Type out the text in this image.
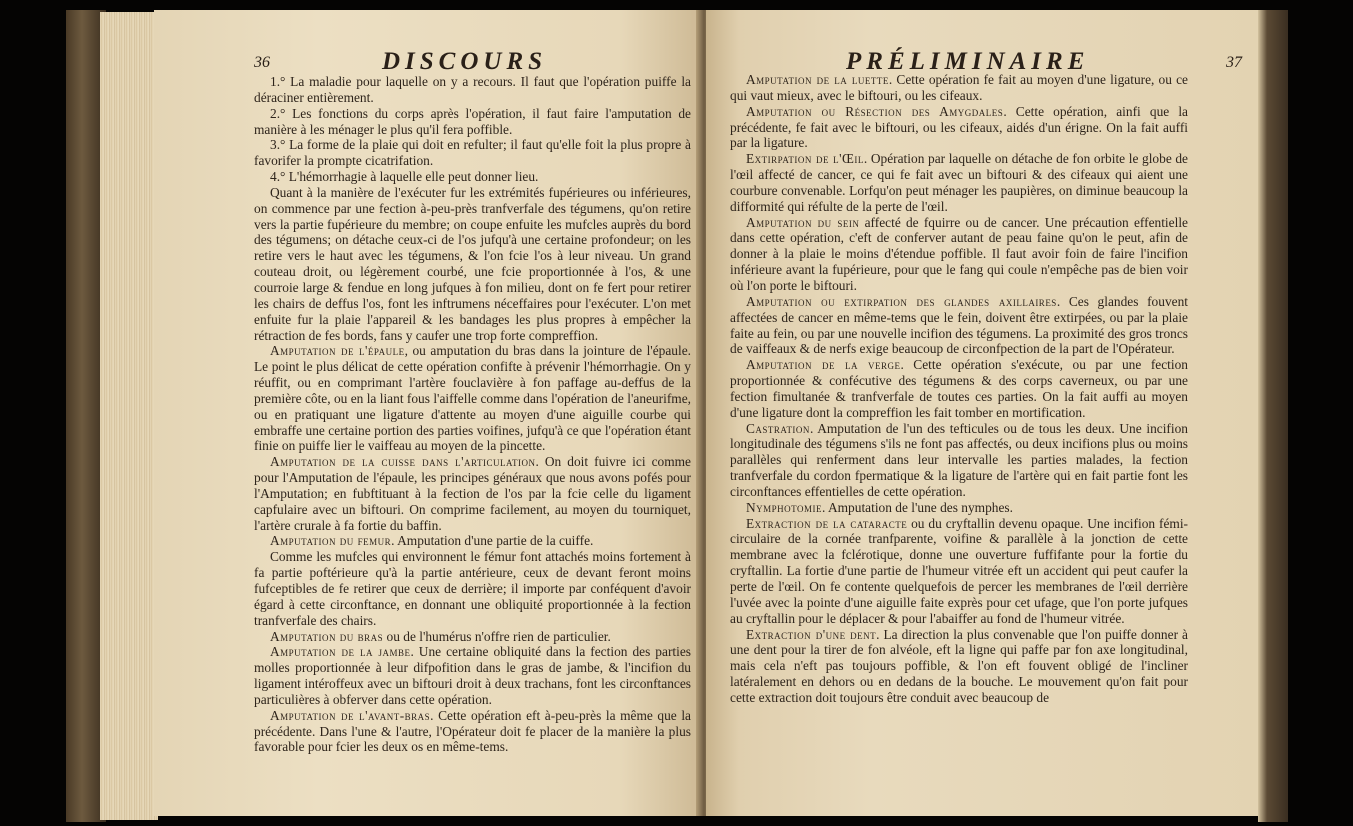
36	DISCOURS

1.° La maladie pour laquelle on y a recours. Il faut que l'opération puiffe la déraciner entièrement.

2.° Les fonctions du corps après l'opération, il faut faire l'amputation de manière à les ménager le plus qu'il fera poffible.

3.° La forme de la plaie qui doit en refulter; il faut qu'elle foit la plus propre à favorifer la prompte cicatrifation.

4.° L'hémorrhagie à laquelle elle peut donner lieu.

Quant à la manière de l'exécuter fur les extrémités fupérieures ou inférieures, on commence par une fection à-peu-près tranfverfale des tégumens, qu'on retire vers la partie fupérieure du membre; on coupe enfuite les mufcles auprès du bord des tégumens; on détache ceux-ci de l'os jufqu'à une certaine profondeur; on les retire vers le haut avec les tégumens, & l'on fcie l'os à leur niveau. Un grand couteau droit, ou légèrement courbé, une fcie proportionnée à l'os, & une courroie large & fendue en long jufques à fon milieu, dont on fe fert pour retirer les chairs de deffus l'os, font les inftrumens néceffaires pour l'exécuter. L'on met enfuite fur la plaie l'appareil & les bandages les plus propres à empêcher la rétraction de fes bords, fans y caufer une trop forte compreffion.

Amputation de l'épaule, ou amputation du bras dans la jointure de l'épaule. Le point le plus délicat de cette opération confifte à prévenir l'hémorrhagie. On y réuffit, ou en comprimant l'artère fouclavière à fon paffage au-deffus de la première côte, ou en la liant fous l'aiffelle comme dans l'opération de l'aneurifme, ou en pratiquant une ligature d'attente au moyen d'une aiguille courbe qui embraffe une certaine portion des parties voifines, jufqu'à ce que l'opération étant finie on puiffe lier le vaiffeau au moyen de la pincette.

Amputation de la cuisse dans l'articulation. On doit fuivre ici comme pour l'Amputation de l'épaule, les principes généraux que nous avons pofés pour l'Amputation; en fubftituant à la fection de l'os par la fcie celle du ligament capfulaire avec un biftouri. On comprime facilement, au moyen du tourniquet, l'artère crurale à fa fortie du baffin.

Amputation du femur. Amputation d'une partie de la cuiffe.

Comme les mufcles qui environnent le fémur font attachés moins fortement à fa partie poftérieure qu'à la partie antérieure, ceux de devant feront moins fufceptibles de fe retirer que ceux de derrière; il importe par conféquent d'avoir égard à cette circonftance, en donnant une obliquité proportionnée à la fection tranfverfale des chairs.

Amputation du bras ou de l'humérus n'offre rien de particulier.

Amputation de la jambe. Une certaine obliquité dans la fection des parties molles proportionnée à leur difpofition dans le gras de jambe, & l'incifion du ligament intéroffeux avec un biftouri droit à deux trachans, font les circonftances particulières à obferver dans cette opération.

Amputation de l'avant-bras. Cette opération eft à-peu-près la même que la précédente. Dans l'une & l'autre, l'Opérateur doit fe placer de la manière la plus favorable pour fcier les deux os en même-tems.

PRÉLIMINAIRE	37

Amputation de la luette. Cette opération fe fait au moyen d'une ligature, ou ce qui vaut mieux, avec le biftouri, ou les cifeaux.

Amputation ou Résection des Amygdales. Cette opération, ainfi que la précédente, fe fait avec le biftouri, ou les cifeaux, aidés d'un érigne. On la fait auffi par la ligature.

Extirpation de l'Œil. Opération par laquelle on détache de fon orbite le globe de l'œil affecté de cancer, ce qui fe fait avec un biftouri & des cifeaux qui aient une courbure convenable. Lorfqu'on peut ménager les paupières, on diminue beaucoup la difformité qui réfulte de la perte de l'œil.

Amputation du sein affecté de fquirre ou de cancer. Une précaution effentielle dans cette opération, c'eft de conferver autant de peau faine qu'on le peut, afin de donner à la plaie le moins d'étendue poffible. Il faut avoir foin de faire l'incifion inférieure avant la fupérieure, pour que le fang qui coule n'empêche pas de bien voir où l'on porte le biftouri.

Amputation ou extirpation des glandes axillaires. Ces glandes fouvent affectées de cancer en même-tems que le fein, doivent être extirpées, ou par la plaie faite au fein, ou par une nouvelle incifion des tégumens. La proximité des gros troncs de vaiffeaux & de nerfs exige beaucoup de circonfpection de la part de l'Opérateur.

Amputation de la verge. Cette opération s'exécute, ou par une fection proportionnée & confécutive des tégumens & des corps caverneux, ou par une fection fimultanée & tranfverfale de toutes ces parties. On la fait auffi au moyen d'une ligature dont la compreffion les fait tomber en mortification.

Castration. Amputation de l'un des tefticules ou de tous les deux. Une incifion longitudinale des tégumens s'ils ne font pas affectés, ou deux incifions plus ou moins parallèles qui renferment dans leur intervalle les parties malades, la fection tranfverfale du cordon fpermatique & la ligature de l'artère qui en fait partie font les circonftances effentielles de cette opération.

Nymphotomie. Amputation de l'une des nymphes.

Extraction de la cataracte ou du cryftallin devenu opaque. Une incifion fémi-circulaire de la cornée tranfparente, voifine & parallèle à la jonction de cette membrane avec la fclérotique, donne une ouverture fuffifante pour la fortie du cryftallin. La fortie d'une partie de l'humeur vitrée eft un accident qui peut caufer la perte de l'œil. On fe contente quelquefois de percer les membranes de l'œil derrière l'uvée avec la pointe d'une aiguille faite exprès pour cet ufage, que l'on porte jufques au cryftallin pour le déplacer & pour l'abaiffer au fond de l'humeur vitrée.

Extraction d'une dent. La direction la plus convenable que l'on puiffe donner à une dent pour la tirer de fon alvéole, eft la ligne qui paffe par fon axe longitudinal, mais cela n'eft pas toujours poffible, & l'on eft fouvent obligé de l'incliner latéralement en dehors ou en dedans de la bouche. Le mouvement qu'on fait pour cette extraction doit toujours être conduit avec beaucoup de
